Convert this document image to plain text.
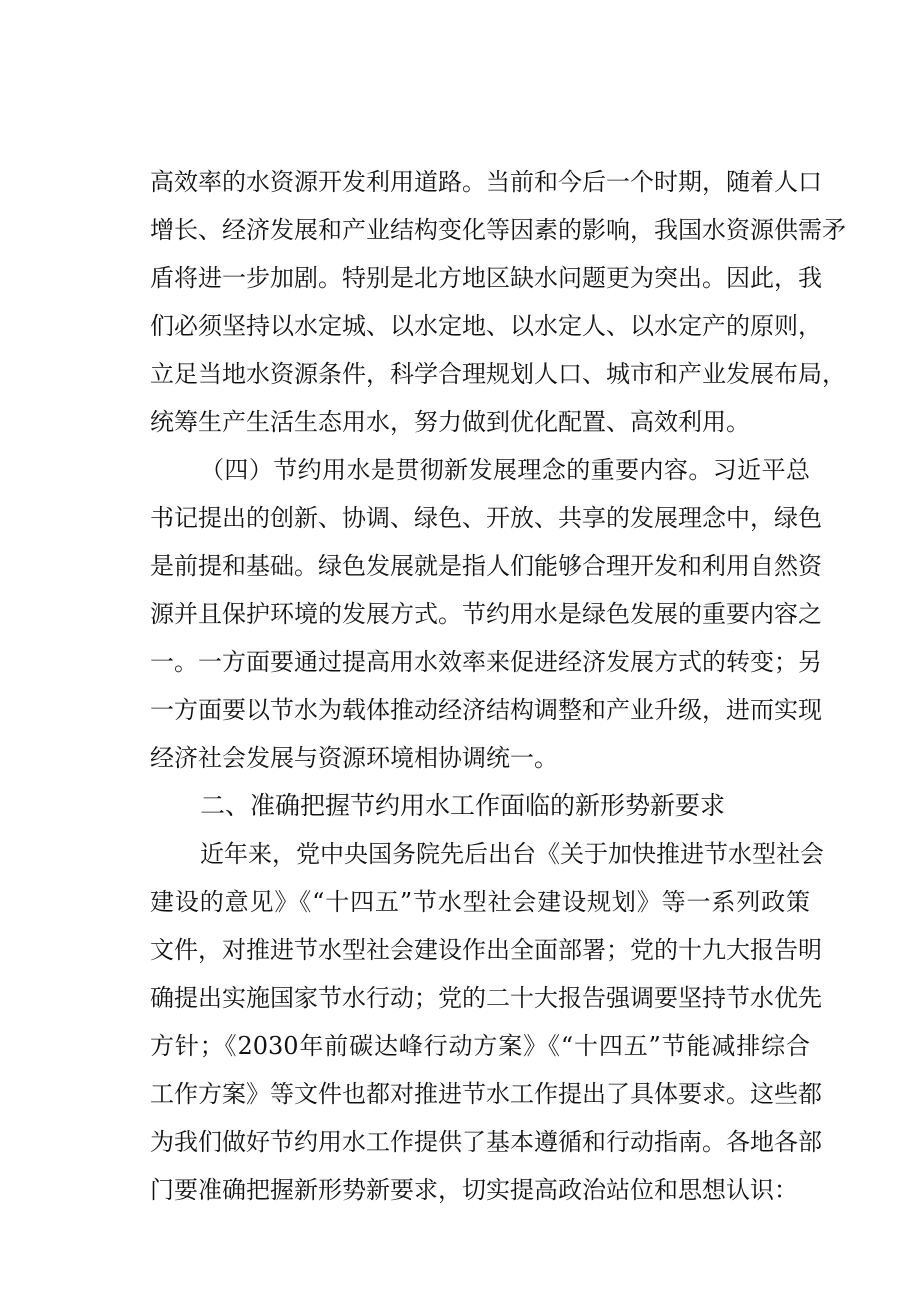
高效率的水资源开发利用道路。当前和今后一个时期，随着人口
增长、经济发展和产业结构变化等因素的影响，我国水资源供需矛
盾将进一步加剧。特别是北方地区缺水问题更为突出。因此，我
们必须坚持以水定城、以水定地、以水定人、以水定产的原则，
立足当地水资源条件，科学合理规划人口、城市和产业发展布局，
统筹生产生活生态用水，努力做到优化配置、高效利用。
（四）节约用水是贯彻新发展理念的重要内容。习近平总
书记提出的创新、协调、绿色、开放、共享的发展理念中，绿色
是前提和基础。绿色发展就是指人们能够合理开发和利用自然资
源并且保护环境的发展方式。节约用水是绿色发展的重要内容之
一。一方面要通过提高用水效率来促进经济发展方式的转变；另
一方面要以节水为载体推动经济结构调整和产业升级，进而实现
经济社会发展与资源环境相协调统一。
二、准确把握节约用水工作面临的新形势新要求
近年来，党中央国务院先后出台《关于加快推进节水型社会
建设的意见》《“十四五”节水型社会建设规划》等一系列政策
文件，对推进节水型社会建设作出全面部署；党的十九大报告明
确提出实施国家节水行动；党的二十大报告强调要坚持节水优先
方针；《2030年前碳达峰行动方案》《“十四五”节能减排综合
工作方案》等文件也都对推进节水工作提出了具体要求。这些都
为我们做好节约用水工作提供了基本遵循和行动指南。各地各部
门要准确把握新形势新要求，切实提高政治站位和思想认识：
